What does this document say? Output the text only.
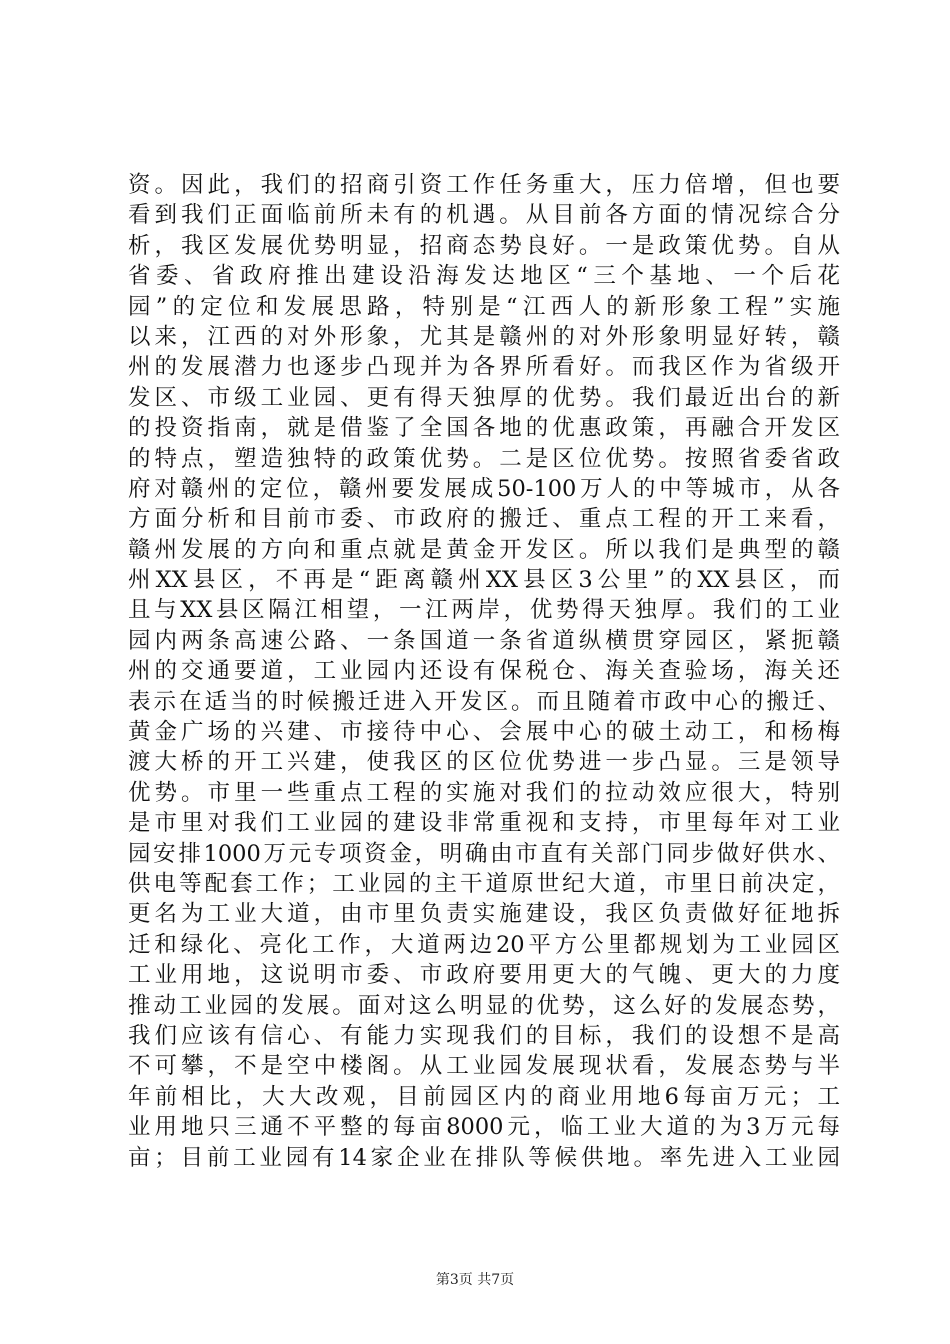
资。因此，我们的招商引资工作任务重大，压力倍增，但也要
看到我们正面临前所未有的机遇。从目前各方面的情况综合分
析，我区发展优势明显，招商态势良好。一是政策优势。自从
省委、省政府推出建设沿海发达地区“三个基地、一个后花
园”的定位和发展思路，特别是“江西人的新形象工程”实施
以来，江西的对外形象，尤其是赣州的对外形象明显好转，赣
州的发展潜力也逐步凸现并为各界所看好。而我区作为省级开
发区、市级工业园、更有得天独厚的优势。我们最近出台的新
的投资指南，就是借鉴了全国各地的优惠政策，再融合开发区
的特点，塑造独特的政策优势。二是区位优势。按照省委省政
府对赣州的定位，赣州要发展成50-100万人的中等城市，从各
方面分析和目前市委、市政府的搬迁、重点工程的开工来看，
赣州发展的方向和重点就是黄金开发区。所以我们是典型的赣
州XX县区，不再是“距离赣州XX县区3公里”的XX县区，而
且与XX县区隔江相望，一江两岸，优势得天独厚。我们的工业
园内两条高速公路、一条国道一条省道纵横贯穿园区，紧扼赣
州的交通要道，工业园内还设有保税仓、海关查验场，海关还
表示在适当的时候搬迁进入开发区。而且随着市政中心的搬迁、
黄金广场的兴建、市接待中心、会展中心的破土动工，和杨梅
渡大桥的开工兴建，使我区的区位优势进一步凸显。三是领导
优势。市里一些重点工程的实施对我们的拉动效应很大，特别
是市里对我们工业园的建设非常重视和支持，市里每年对工业
园安排1000万元专项资金，明确由市直有关部门同步做好供水、
供电等配套工作；工业园的主干道原世纪大道，市里日前决定，
更名为工业大道，由市里负责实施建设，我区负责做好征地拆
迁和绿化、亮化工作，大道两边20平方公里都规划为工业园区
工业用地，这说明市委、市政府要用更大的气魄、更大的力度
推动工业园的发展。面对这么明显的优势，这么好的发展态势，
我们应该有信心、有能力实现我们的目标，我们的设想不是高
不可攀，不是空中楼阁。从工业园发展现状看，发展态势与半
年前相比，大大改观，目前园区内的商业用地6每亩万元；工
业用地只三通不平整的每亩8000元，临工业大道的为3万元每
亩；目前工业园有14家企业在排队等候供地。率先进入工业园
第3页 共7页
